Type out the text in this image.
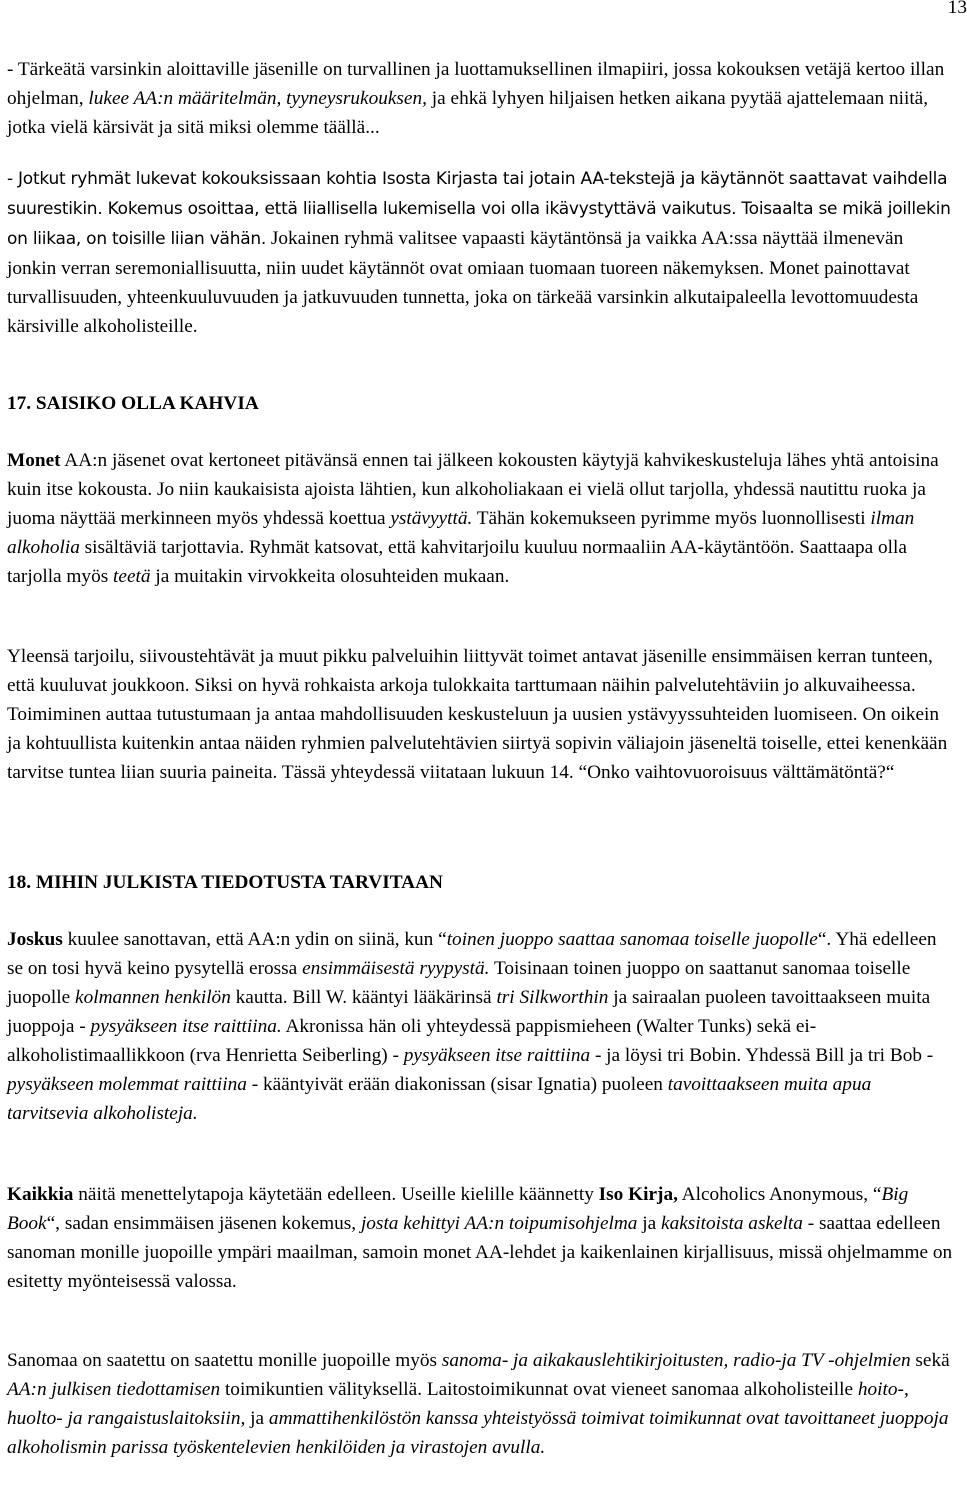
13

- Tärkeätä varsinkin aloittaville jäsenille on turvallinen ja luottamuksellinen ilmapiiri, jossa kokouksen vetäjä kertoo illan ohjelman, lukee AA:n määritelmän, tyyneysrukouksen, ja ehkä lyhyen hiljaisen hetken aikana pyytää ajattelemaan niitä, jotka vielä kärsivät ja sitä miksi olemme täällä...

- Jotkut ryhmät lukevat kokouksissaan kohtia Isosta Kirjasta tai jotain AA-tekstejä ja käytännöt saattavat vaihdella suurestikin. Kokemus osoittaa, että liiallisella lukemisella voi olla ikävystyttävä vaikutus. Toisaalta se mikä joillekin on liikaa, on toisille liian vähän. Jokainen ryhmä valitsee vapaasti käytäntönsä ja vaikka AA:ssa näyttää ilmenevän jonkin verran seremoniallisuutta, niin uudet käytännöt ovat omiaan tuomaan tuoreen näkemyksen. Monet painottavat turvallisuuden, yhteenkuuluvuuden ja jatkuvuuden tunnetta, joka on tärkeää varsinkin alkutaipaleella levottomuudesta kärsiville alkoholisteille.

17. SAISIKO OLLA KAHVIA

Monet AA:n jäsenet ovat kertoneet pitävänsä ennen tai jälkeen kokousten käytyjä kahvikeskusteluja lähes yhtä antoisina kuin itse kokousta. Jo niin kaukaisista ajoista lähtien, kun alkoholiakaan ei vielä ollut tarjolla, yhdessä nautittu ruoka ja juoma näyttää merkinneen myös yhdessä koettua ystävyyttä. Tähän kokemukseen pyrimme myös luonnollisesti ilman alkoholia sisältäviä tarjottavia. Ryhmät katsovat, että kahvitarjoilu kuuluu normaaliin AA-käytäntöön. Saattaapa olla tarjolla myös teetä ja muitakin virvokkeita olosuhteiden mukaan.

Yleensä tarjoilu, siivoustehtävät ja muut pikku palveluihin liittyvät toimet antavat jäsenille ensimmäisen kerran tunteen, että kuuluvat joukkoon. Siksi on hyvä rohkaista arkoja tulokkaita tarttumaan näihin palvelutehtäviin jo alkuvaiheessa. Toimiminen auttaa tutustumaan ja antaa mahdollisuuden keskusteluun ja uusien ystävyyssuhteiden luomiseen. On oikein ja kohtuullista kuitenkin antaa näiden ryhmien palvelutehtävien siirtyä sopivin väliajoin jäseneltä toiselle, ettei kenenkään tarvitse tuntea liian suuria paineita. Tässä yhteydessä viitataan lukuun 14. “Onko vaihtovuoroisuus välttämätöntä?“

18. MIHIN JULKISTA TIEDOTUSTA TARVITAAN

Joskus kuulee sanottavan, että AA:n ydin on siinä, kun “toinen juoppo saattaa sanomaa toiselle juopolle“. Yhä edelleen se on tosi hyvä keino pysytellä erossa ensimmäisestä ryypystä. Toisinaan toinen juoppo on saattanut sanomaa toiselle juopolle kolmannen henkilön kautta. Bill W. kääntyi lääkärinsä tri Silkworthin ja sairaalan puoleen tavoittaakseen muita juoppoja - pysyäkseen itse raittiina. Akronissa hän oli yhteydessä pappismieheen (Walter Tunks) sekä ei-alkoholistimaallikkoon (rva Henrietta Seiberling) - pysyäkseen itse raittiina - ja löysi tri Bobin. Yhdessä Bill ja tri Bob - pysyäkseen molemmat raittiina - kääntyivät erään diakonissan (sisar Ignatia) puoleen tavoittaakseen muita apua tarvitsevia alkoholisteja.

Kaikkia näitä menettelytapoja käytetään edelleen. Useille kielille käännetty Iso Kirja, Alcoholics Anonymous, “Big Book“, sadan ensimmäisen jäsenen kokemus, josta kehittyi AA:n toipumisohjelma ja kaksitoista askelta - saattaa edelleen sanoman monille juopoille ympäri maailman, samoin monet AA-lehdet ja kaikenlainen kirjallisuus, missä ohjelmamme on esitetty myönteisessä valossa.

Sanomaa on saatettu on saatettu monille juopoille myös sanoma- ja aikakauslehtikirjoitusten, radio-ja TV -ohjelmien sekä AA:n julkisen tiedottamisen toimikuntien välityksellä. Laitostoimikunnat ovat vieneet sanomaa alkoholisteille hoito-, huolto- ja rangaistuslaitoksiin, ja ammattihenkilöstön kanssa yhteistyössä toimivat toimikunnat ovat tavoittaneet juoppoja alkoholismin parissa työskentelevien henkilöiden ja virastojen avulla.
